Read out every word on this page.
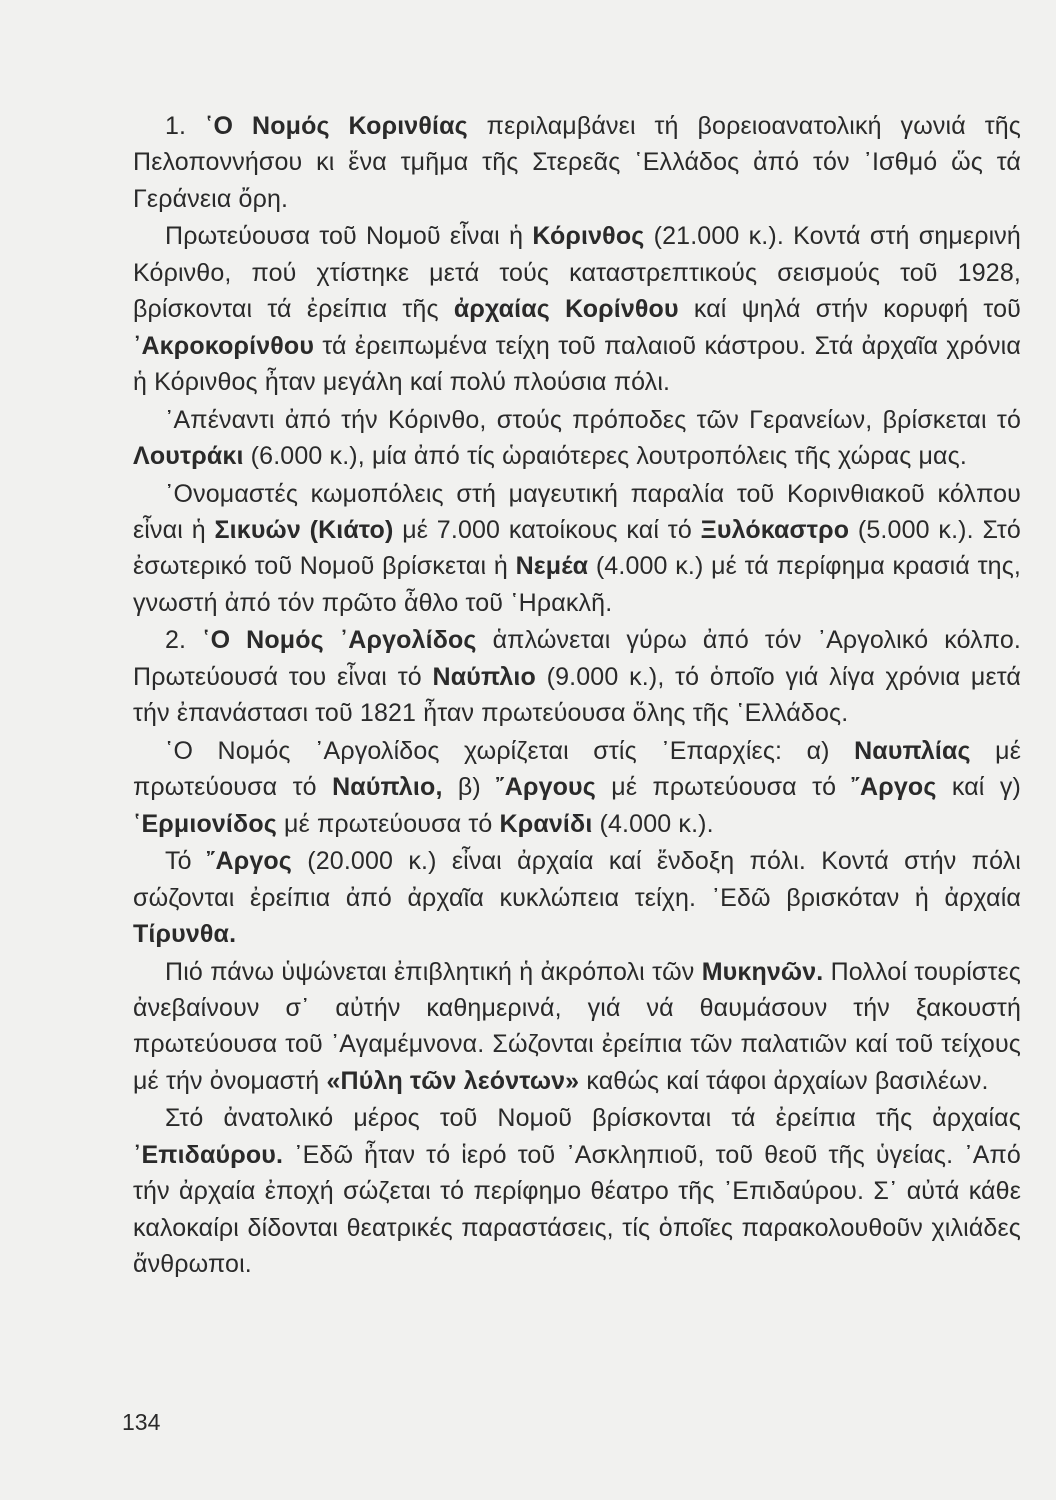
1. ῾Ο Νομός Κορινθίας περιλαμβάνει τή βορειοανατολική γωνιά τῆς Πελοποννήσου κι ἕνα τμῆμα τῆς Στερεᾶς ῾Ελλάδος ἀπό τόν ᾿Ισθμό ὥς τά Γεράνεια ὄρη.

Πρωτεύουσα τοῦ Νομοῦ εἶναι ἡ Κόρινθος (21.000 κ.). Κοντά στή σημερινή Κόρινθο, πού χτίστηκε μετά τούς καταστρεπτικούς σεισμούς τοῦ 1928, βρίσκονται τά ἐρείπια τῆς ἀρχαίας Κορίνθου καί ψηλά στήν κορυφή τοῦ ᾿Ακροκορίνθου τά ἐρειπωμένα τείχη τοῦ παλαιοῦ κάστρου. Στά ἀρχαῖα χρόνια ἡ Κόρινθος ἦταν μεγάλη καί πολύ πλούσια πόλι.

᾿Απέναντι ἀπό τήν Κόρινθο, στούς πρόποδες τῶν Γερανείων, βρίσκεται τό Λουτράκι (6.000 κ.), μία ἀπό τίς ὡραιότερες λουτροπόλεις τῆς χώρας μας.

᾿Ονομαστές κωμοπόλεις στή μαγευτική παραλία τοῦ Κορινθιακοῦ κόλπου εἶναι ἡ Σικυών (Κιάτο) μέ 7.000 κατοίκους καί τό Ξυλόκαστρο (5.000 κ.). Στό ἐσωτερικό τοῦ Νομοῦ βρίσκεται ἡ Νεμέα (4.000 κ.) μέ τά περίφημα κρασιά της, γνωστή ἀπό τόν πρῶτο ἆθλο τοῦ ῾Ηρακλῆ.

2. ῾Ο Νομός ᾿Αργολίδος ἁπλώνεται γύρω ἀπό τόν ᾿Αργολικό κόλπο. Πρωτεύουσά του εἶναι τό Ναύπλιο (9.000 κ.), τό ὁποῖο γιά λίγα χρόνια μετά τήν ἐπανάστασι τοῦ 1821 ἦταν πρωτεύουσα ὅλης τῆς ῾Ελλάδος.

῾Ο Νομός ᾿Αργολίδος χωρίζεται στίς ᾿Επαρχίες: α) Ναυπλίας μέ πρωτεύουσα τό Ναύπλιο, β) ῎Αργους μέ πρωτεύουσα τό ῎Αργος καί γ) ῾Ερμιονίδος μέ πρωτεύουσα τό Κρανίδι (4.000 κ.).

Τό ῎Αργος (20.000 κ.) εἶναι ἀρχαία καί ἔνδοξη πόλι. Κοντά στήν πόλι σώζονται ἐρείπια ἀπό ἀρχαῖα κυκλώπεια τείχη. ᾿Εδῶ βρισκόταν ἡ ἀρχαία Τίρυνθα.

Πιό πάνω ὑψώνεται ἐπιβλητική ἡ ἀκρόπολι τῶν Μυκηνῶν. Πολλοί τουρίστες ἀνεβαίνουν σ᾿ αὐτήν καθημερινά, γιά νά θαυμάσουν τήν ξακουστή πρωτεύουσα τοῦ ᾿Αγαμέμνονα. Σώζονται ἐρείπια τῶν παλατιῶν καί τοῦ τείχους μέ τήν ὀνομαστή «Πύλη τῶν λεόντων» καθώς καί τάφοι ἀρχαίων βασιλέων.

Στό ἀνατολικό μέρος τοῦ Νομοῦ βρίσκονται τά ἐρείπια τῆς ἀρχαίας ᾿Επιδαύρου. ᾿Εδῶ ἦταν τό ἱερό τοῦ ᾿Ασκληπιοῦ, τοῦ θεοῦ τῆς ὑγείας. ᾿Από τήν ἀρχαία ἐποχή σώζεται τό περίφημο θέατρο τῆς ᾿Επιδαύρου. Σ᾿ αὐτά κάθε καλοκαίρι δίδονται θεατρικές παραστάσεις, τίς ὁποῖες παρακολουθοῦν χιλιάδες ἄνθρωποι.

134
